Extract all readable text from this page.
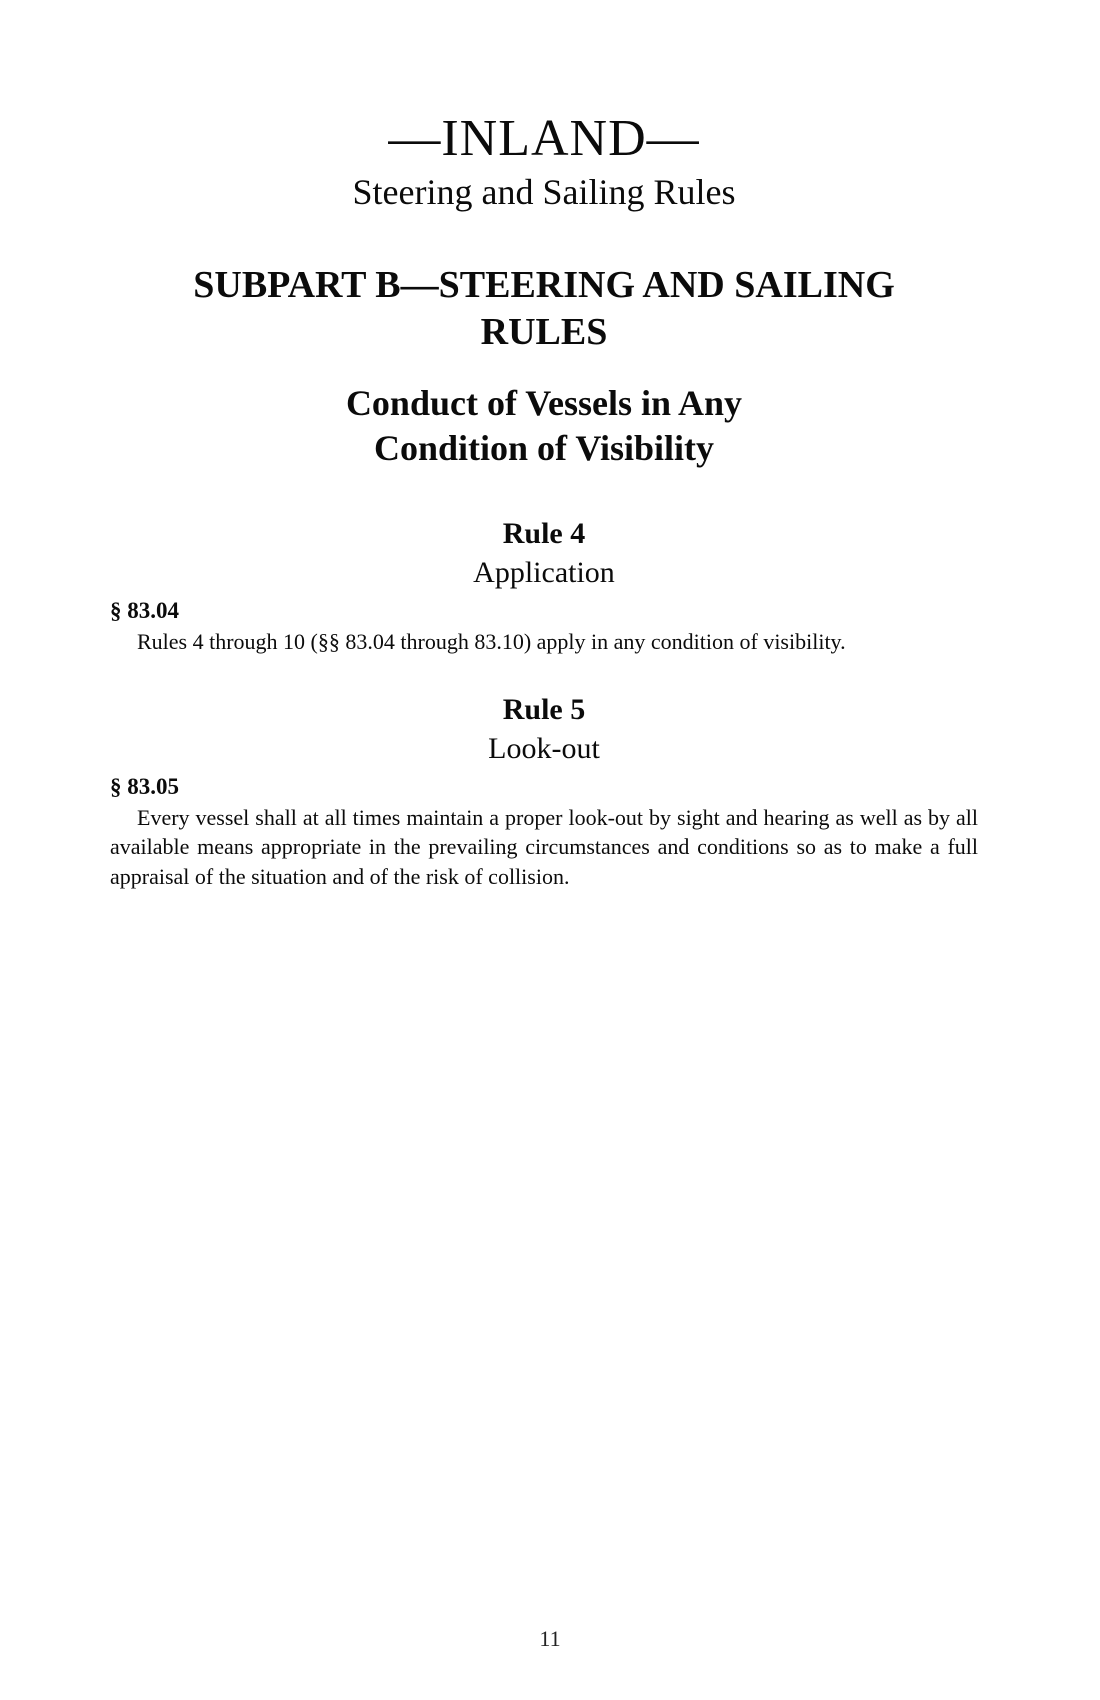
—INLAND—
Steering and Sailing Rules
SUBPART B—STEERING AND SAILING
RULES
Conduct of Vessels in Any
Condition of Visibility
Rule 4
Application
§ 83.04

Rules 4 through 10 (§§ 83.04 through 83.10) apply in any condition of visibility.

Rule 5
Look-out
§ 83.05

Every vessel shall at all times maintain a proper look-out by sight and hearing as well as by all available means appropriate in the prevailing circumstances and conditions so as to make a full appraisal of the situation and of the risk of collision.

11
